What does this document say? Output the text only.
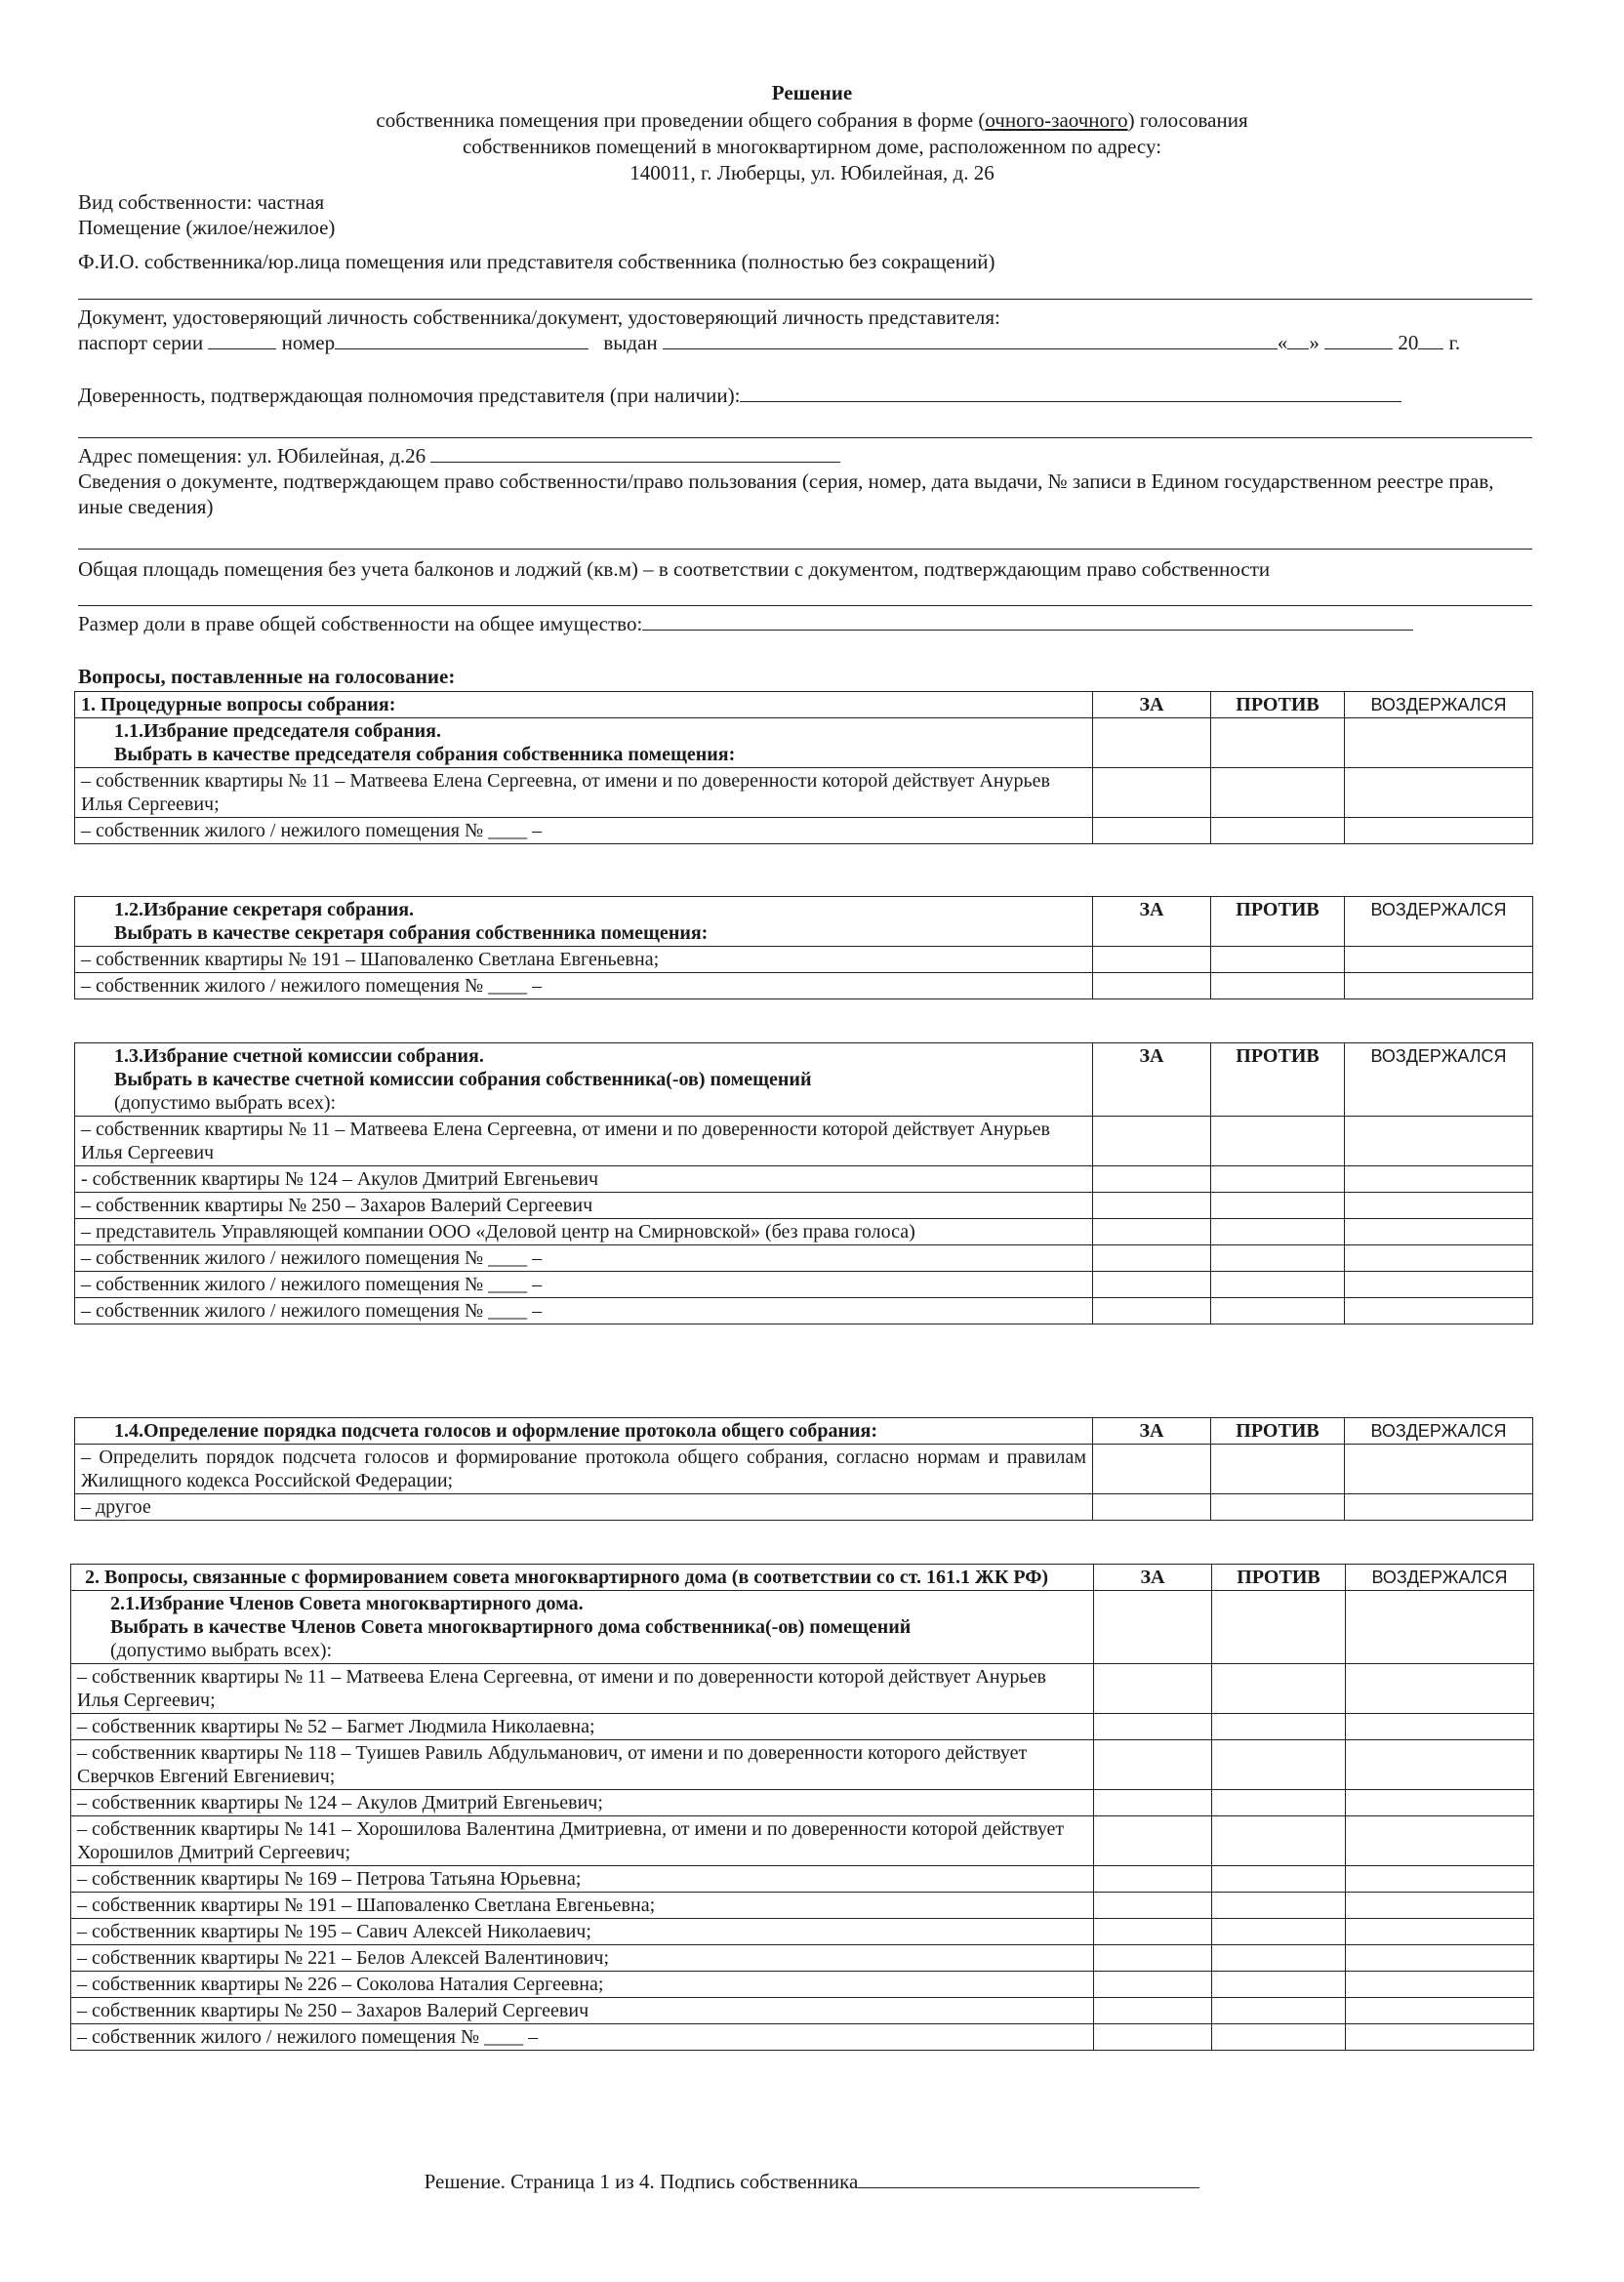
Решение
собственника помещения при проведении общего собрания в форме (очного-заочного) голосования
собственников помещений в многоквартирном доме, расположенном по адресу:
140011, г. Люберцы, ул. Юбилейная, д. 26
Вид собственности: частная
Помещение (жилое/нежилое)
Ф.И.О. собственника/юр.лица помещения или представителя собственника (полностью без сокращений)
Документ, удостоверяющий личность собственника/документ, удостоверяющий личность представителя:
паспорт серии	номер	выдан	« »	20 г.
Доверенность, подтверждающая полномочия представителя (при наличии):
Адрес помещения: ул. Юбилейная, д.26
Сведения о документе, подтверждающем право собственности/право пользования (серия, номер, дата выдачи, № записи в Едином государственном реестре прав, иные сведения)
Общая площадь помещения без учета балконов и лоджий (кв.м) – в соответствии с документом, подтверждающим право собственности
Размер доли в праве общей собственности на общее имущество:
Вопросы, поставленные на голосование:
1. Процедурные вопросы собрания:	ЗА	ПРОТИВ	ВОЗДЕРЖАЛСЯ

1.1.Избрание председателя собрания.
Выбрать в качестве председателя собрания собственника помещения:			

– собственник квартиры № 11 – Матвеева Елена Сергеевна, от имени и по доверенности которой действует Анурьев Илья Сергеевич;			
– собственник жилого / нежилого помещения № ____ –			
1.2.Избрание секретаря собрания.
Выбрать в качестве секретаря собрания собственника помещения:	ЗА	ПРОТИВ	ВОЗДЕРЖАЛСЯ
– собственник квартиры № 191 – Шаповаленко Светлана Евгеньевна;			
– собственник жилого / нежилого помещения № ____ –			
1.3.Избрание счетной комиссии собрания.
Выбрать в качестве счетной комиссии собрания собственника(-ов) помещений
(допустимо выбрать всех):	ЗА	ПРОТИВ	ВОЗДЕРЖАЛСЯ
– собственник квартиры № 11 – Матвеева Елена Сергеевна, от имени и по доверенности которой действует Анурьев Илья Сергеевич			
- собственник квартиры № 124 – Акулов Дмитрий Евгеньевич			
– собственник квартиры № 250 – Захаров Валерий Сергеевич			
– представитель Управляющей компании ООО «Деловой центр на Смирновской» (без права голоса)			
– собственник жилого / нежилого помещения № ____ –			
– собственник жилого / нежилого помещения № ____ –			
– собственник жилого / нежилого помещения № ____ –			
1.4.Определение порядка подсчета голосов и оформление протокола общего собрания:	ЗА	ПРОТИВ	ВОЗДЕРЖАЛСЯ
– Определить порядок подсчета голосов и формирование протокола общего собрания, согласно нормам и правилам Жилищного кодекса Российской Федерации;			
– другое			
2. Вопросы, связанные с формированием совета многоквартирного дома (в соответствии со ст. 161.1 ЖК РФ)	ЗА	ПРОТИВ	ВОЗДЕРЖАЛСЯ

2.1.Избрание Членов Совета многоквартирного дома.
Выбрать в качестве Членов Совета многоквартирного дома собственника(-ов) помещений
(допустимо выбрать всех):			

– собственник квартиры № 11 – Матвеева Елена Сергеевна, от имени и по доверенности которой действует Анурьев Илья Сергеевич;			
– собственник квартиры № 52 – Багмет Людмила Николаевна;			
– собственник квартиры № 118 – Туишев Равиль Абдульманович, от имени и по доверенности которого действует Сверчков Евгений Евгениевич;			
– собственник квартиры № 124 – Акулов Дмитрий Евгеньевич;			
– собственник квартиры № 141 – Хорошилова Валентина Дмитриевна, от имени и по доверенности которой действует Хорошилов Дмитрий Сергеевич;			
– собственник квартиры № 169 – Петрова Татьяна Юрьевна;			
– собственник квартиры № 191 – Шаповаленко Светлана Евгеньевна;			
– собственник квартиры № 195 – Савич Алексей Николаевич;			
– собственник квартиры № 221 – Белов Алексей Валентинович;			
– собственник квартиры № 226 – Соколова Наталия Сергеевна;			
– собственник квартиры № 250 – Захаров Валерий Сергеевич			
– собственник жилого / нежилого помещения № ____ –			
Решение. Страница 1 из 4. Подпись собственника
